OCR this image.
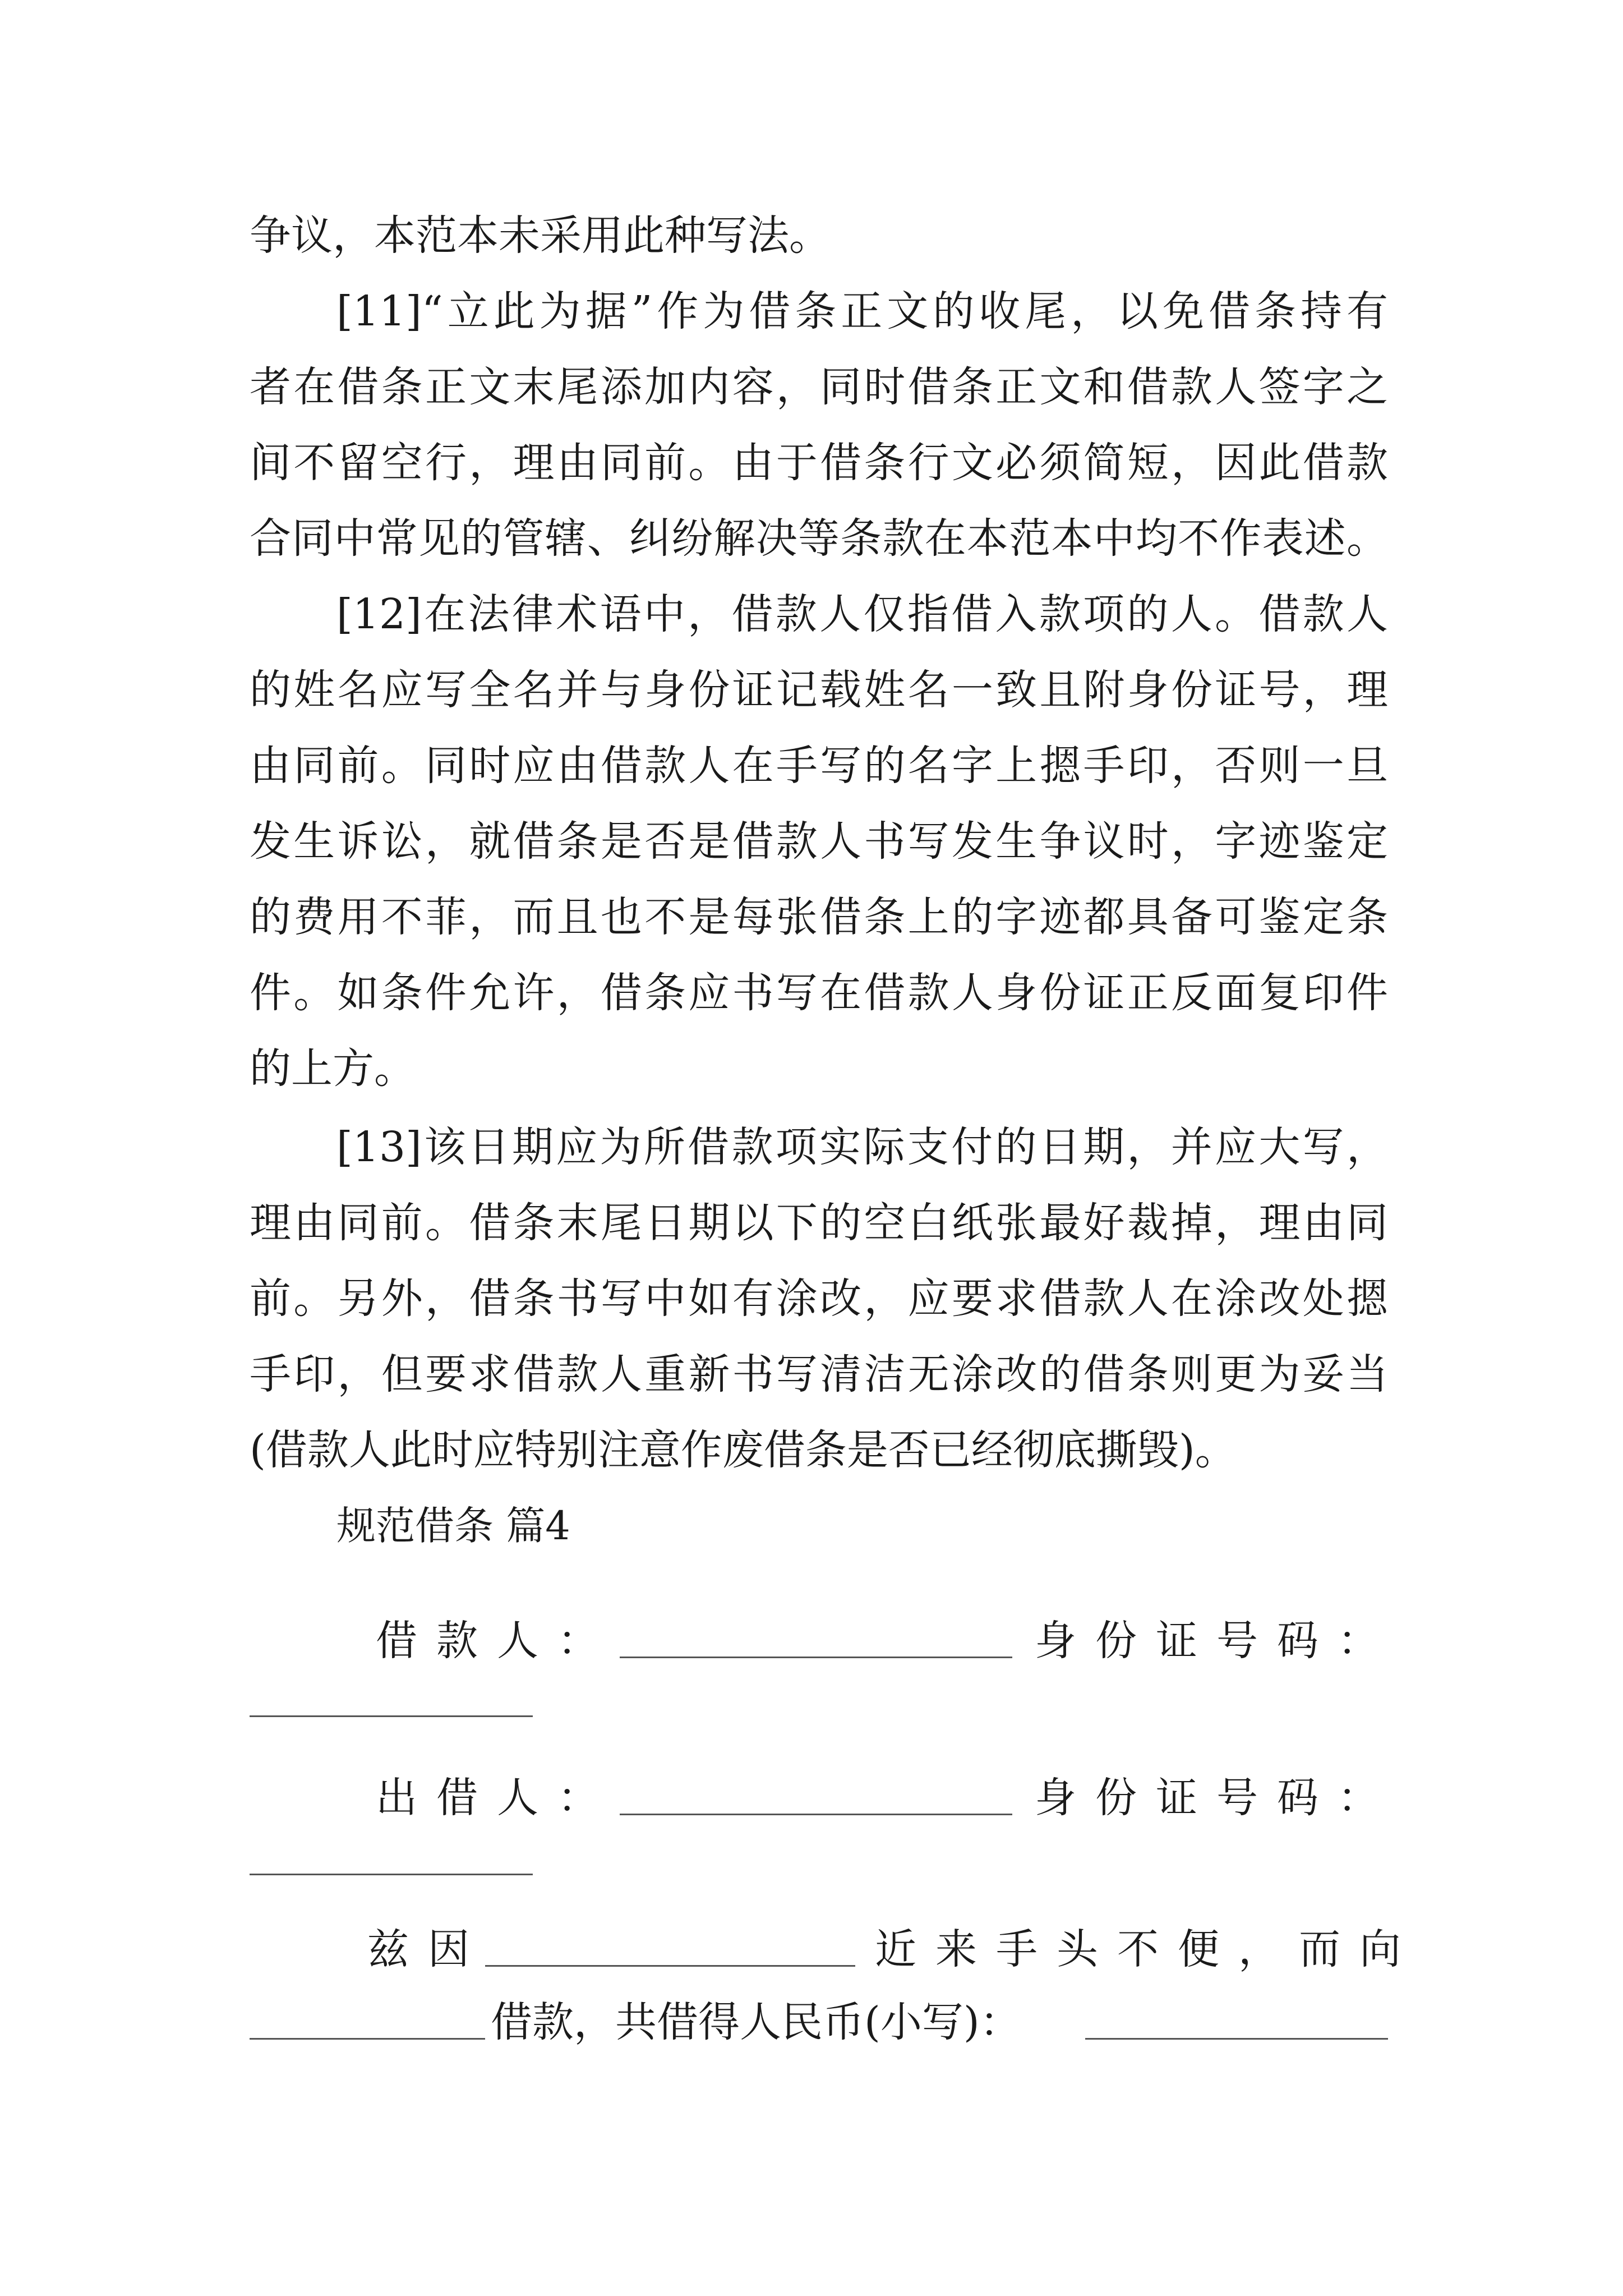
争议，本范本未采用此种写法。
[11]“立此为据”作为借条正文的收尾，以免借条持有
者在借条正文末尾添加内容，同时借条正文和借款人签字之
间不留空行，理由同前。由于借条行文必须简短，因此借款
合同中常见的管辖、纠纷解决等条款在本范本中均不作表述。
[12]在法律术语中，借款人仅指借入款项的人。借款人
的姓名应写全名并与身份证记载姓名一致且附身份证号，理
由同前。同时应由借款人在手写的名字上摁手印，否则一旦
发生诉讼，就借条是否是借款人书写发生争议时，字迹鉴定
的费用不菲，而且也不是每张借条上的字迹都具备可鉴定条
件。如条件允许，借条应书写在借款人身份证正反面复印件
的上方。
[13]该日期应为所借款项实际支付的日期，并应大写，
理由同前。借条末尾日期以下的空白纸张最好裁掉，理由同
前。另外，借条书写中如有涂改，应要求借款人在涂改处摁
手印，但要求借款人重新书写清洁无涂改的借条则更为妥当
(借款人此时应特别注意作废借条是否已经彻底撕毁)。
规范借条 篇4
借款人：	身份证号码：
出借人：	身份证号码：
兹因	近来手头不便，而向
借款，共借得人民币(小写)：
